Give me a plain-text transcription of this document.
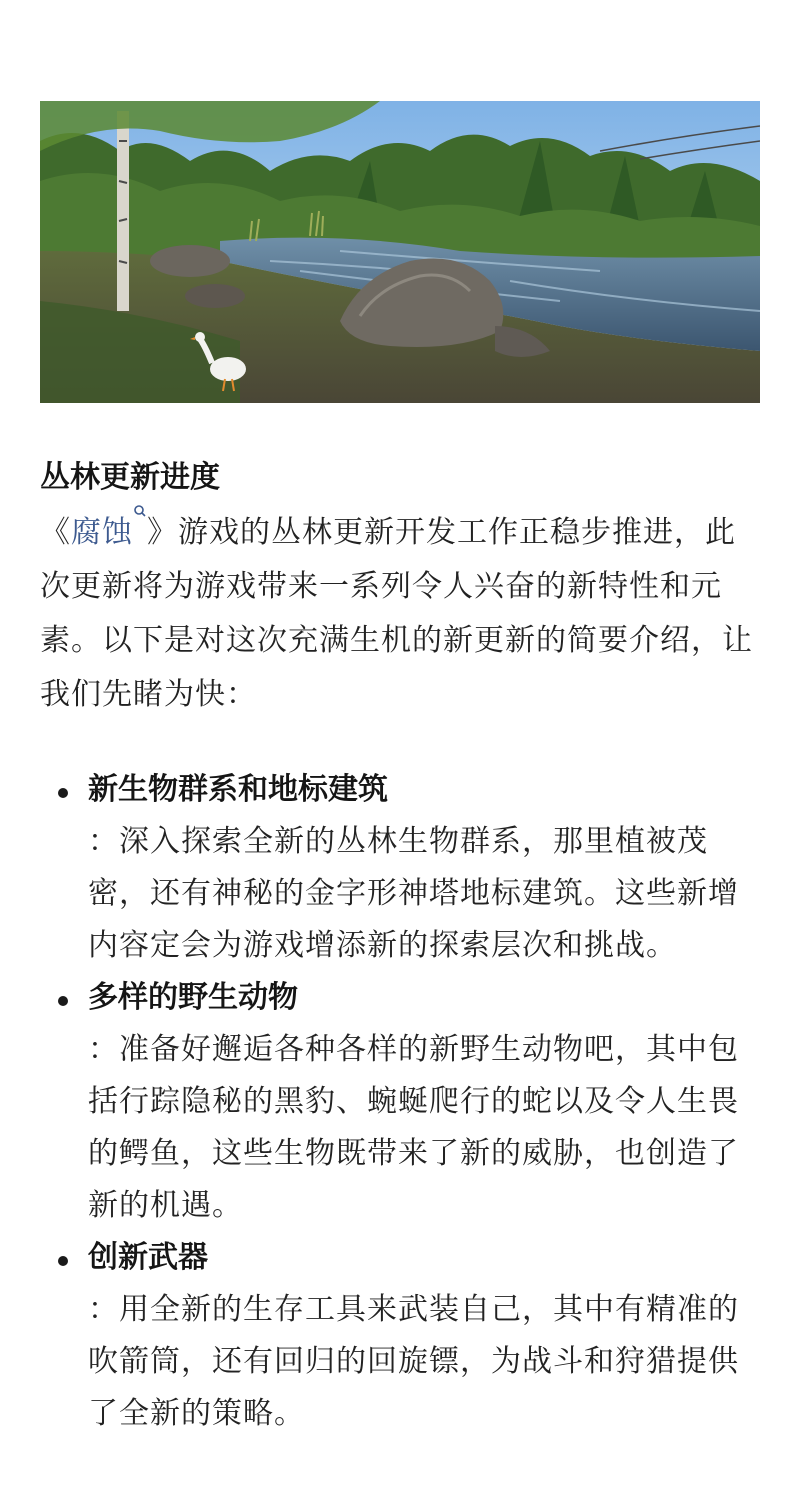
丛林更新进度

《腐蚀 》游戏的丛林更新开发工作正稳步推进，此次更新将为游戏带来一系列令人兴奋的新特性和元素。以下是对这次充满生机的新更新的简要介绍，让我们先睹为快：

新生物群系和地标建筑
：深入探索全新的丛林生物群系，那里植被茂密，还有神秘的金字形神塔地标建筑。这些新增内容定会为游戏增添新的探索层次和挑战。
多样的野生动物
：准备好邂逅各种各样的新野生动物吧，其中包括行踪隐秘的黑豹、蜿蜒爬行的蛇以及令人生畏的鳄鱼，这些生物既带来了新的威胁，也创造了新的机遇。
创新武器
：用全新的生存工具来武装自己，其中有精准的吹箭筒，还有回归的回旋镖，为战斗和狩猎提供了全新的策略。
